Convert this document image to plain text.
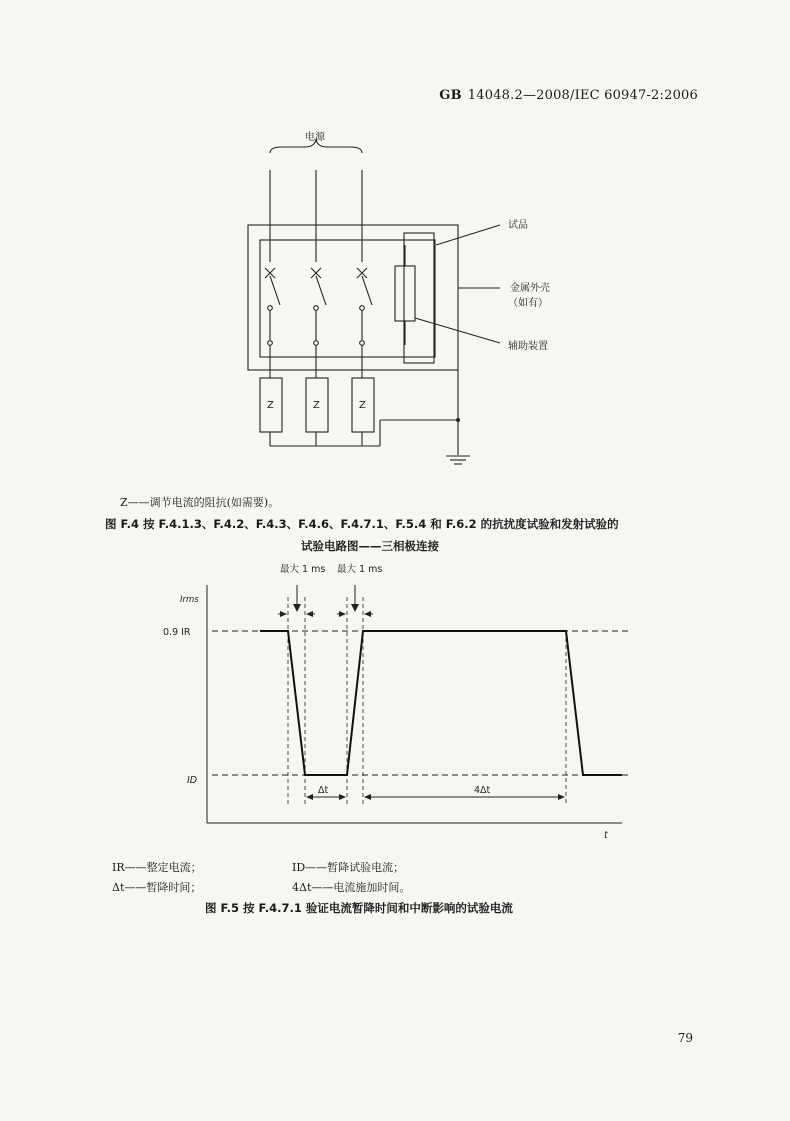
GB 14048.2—2008/IEC 60947-2:2006
电源
试品
金属外壳
（如有）
辅助装置
Z	Z	Z
Z——调节电流的阻抗(如需要)。
图 F.4 按 F.4.1.3、F.4.2、F.4.3、F.4.6、F.4.7.1、F.5.4 和 F.6.2 的抗扰度试验和发射试验的
试验电路图——三相极连接
最大 1 ms 最大 1 ms
Irms
0.9 IR
ID
Δt	4Δt
t
IR——整定电流；
Δt——暂降时间；
ID——暂降试验电流；
4Δt——电流施加时间。
图 F.5 按 F.4.7.1 验证电流暂降时间和中断影响的试验电流
79
